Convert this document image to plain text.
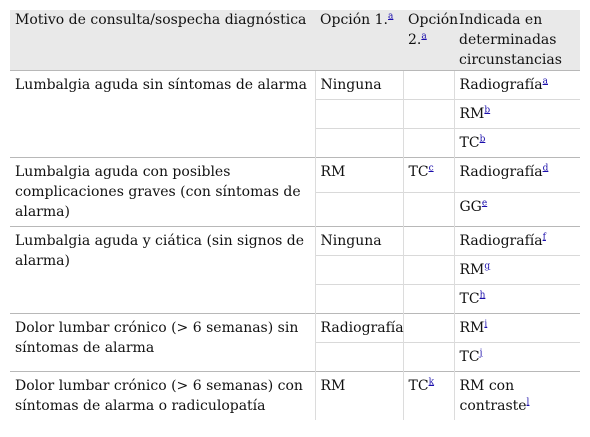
Motivo de consulta/sospecha diagnóstica	Opción 1.$^a$	Opción 2.$^a$	Indicada en determinadas circunstancias
Lumbalgia aguda sin síntomas de alarma	Ninguna		Radiografía$^a$
			RM$^b$
			TC$^b$
Lumbalgia aguda con posibles complicaciones graves (con síntomas de alarma)	RM	TC$^c$	Radiografía$^d$
			GG$^e$
Lumbalgia aguda y ciática (sin signos de alarma)	Ninguna		Radiografía$^f$
			RM$^g$
			TC$^h$
Dolor lumbar crónico (> 6 semanas) sin síntomas de alarma	Radiografía		RM$^i$
			TC$^j$
Dolor lumbar crónico (> 6 semanas) con síntomas de alarma o radiculopatía	RM	TC$^k$	RM con contraste$^l$
